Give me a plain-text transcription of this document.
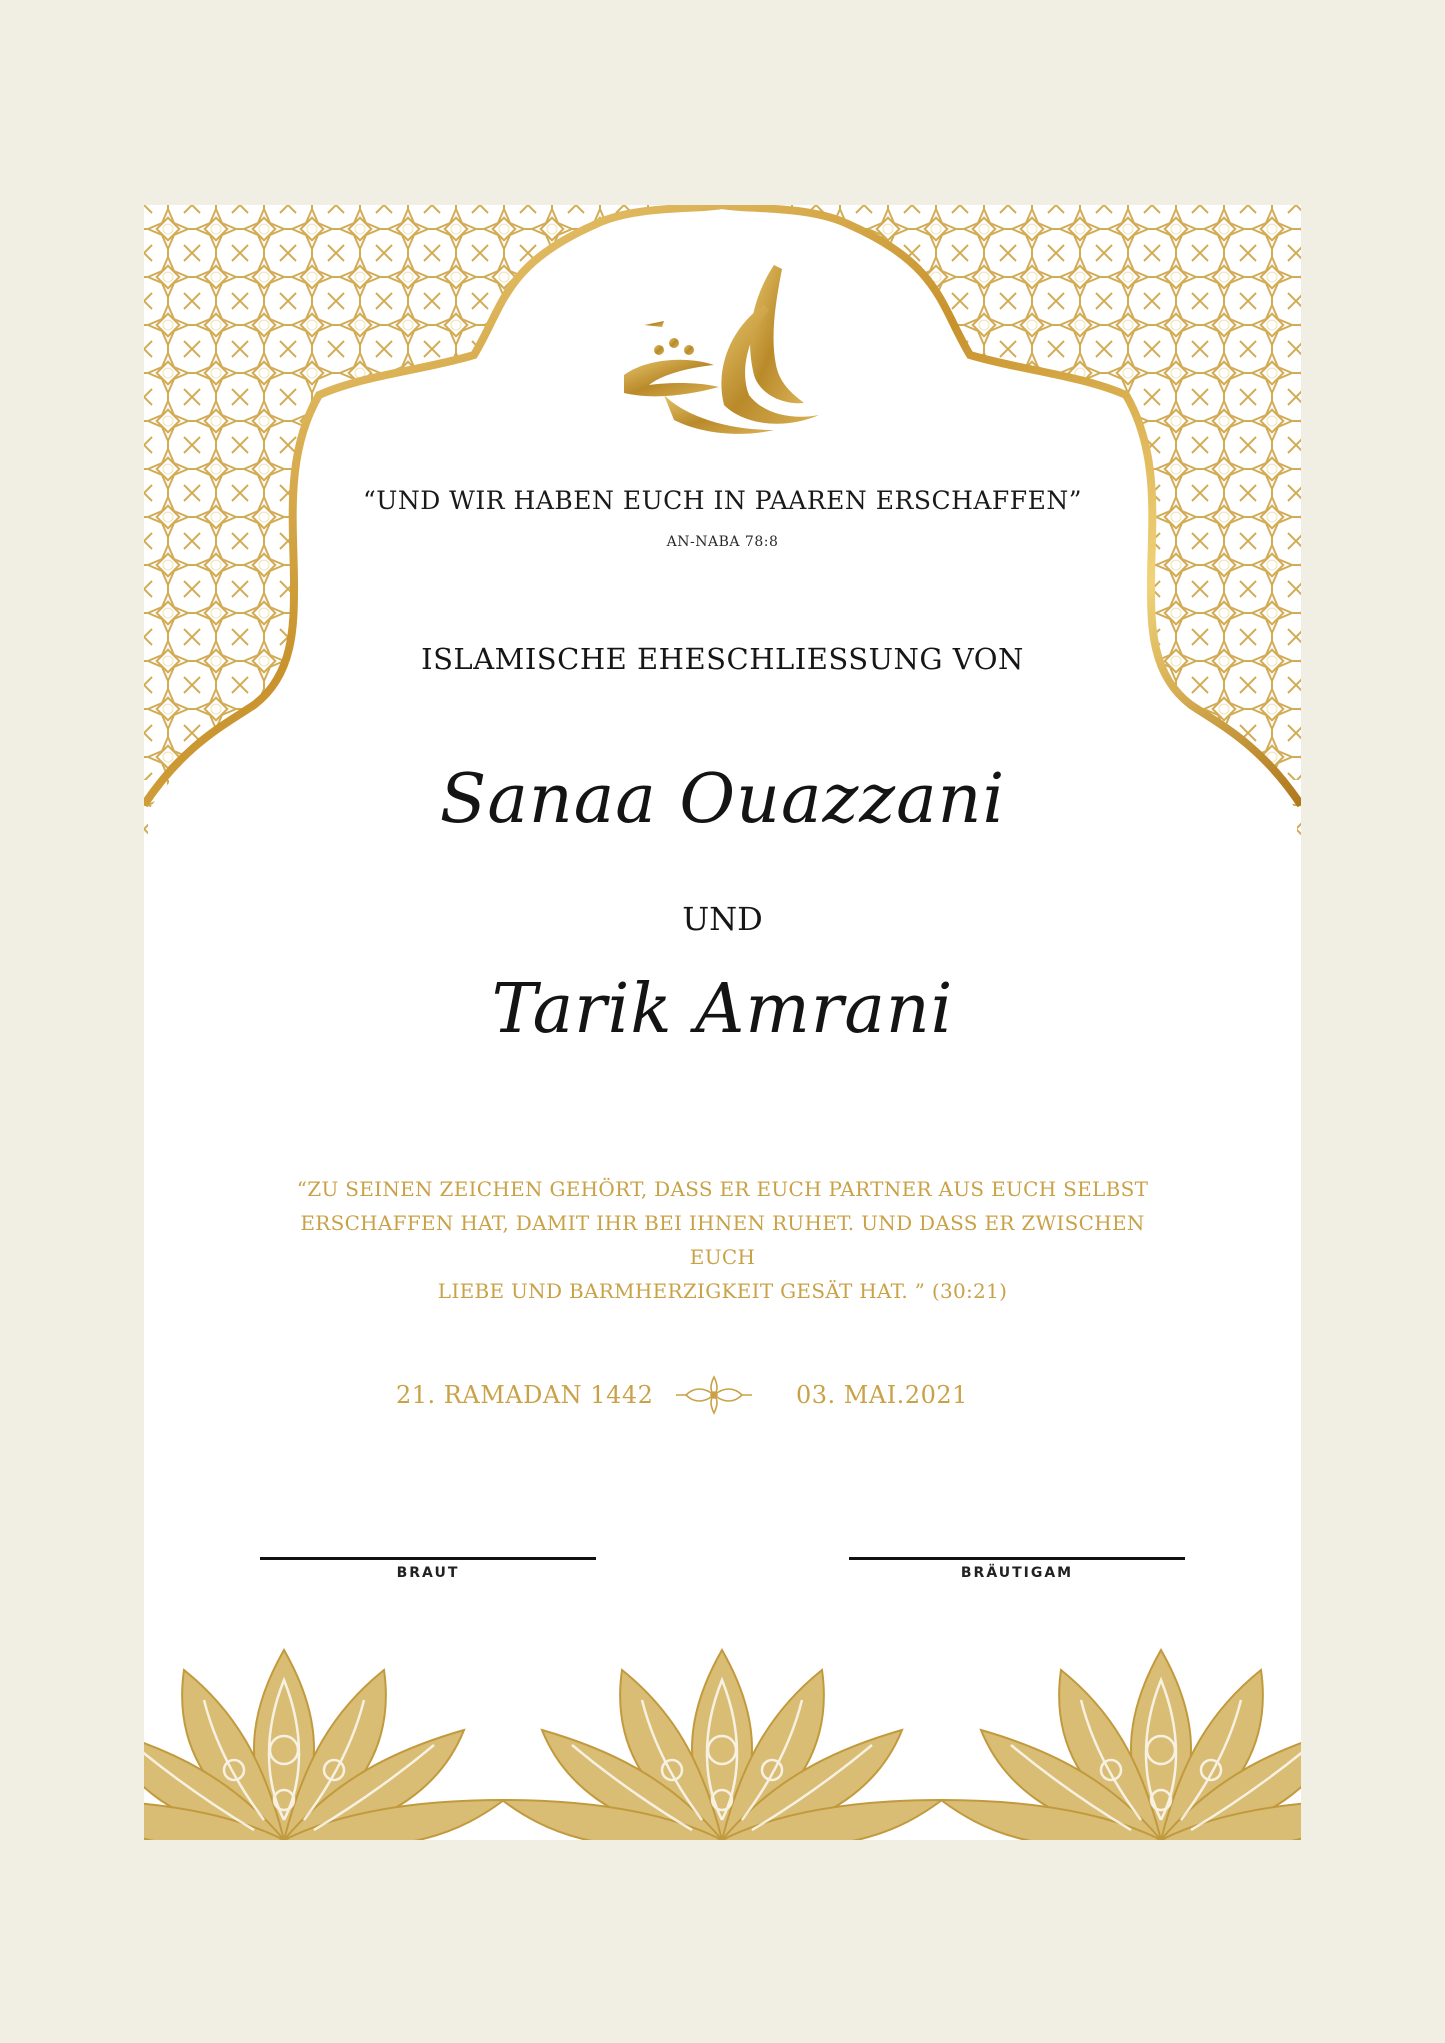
“UND WIR HABEN EUCH IN PAAREN ERSCHAFFEN”
AN-NABA 78:8
ISLAMISCHE EHESCHLIESSUNG VON
Sanaa Ouazzani
UND
Tarik Amrani
“ZU SEINEN ZEICHEN GEHÖRT, DASS ER EUCH PARTNER AUS EUCH SELBST
ERSCHAFFEN HAT, DAMIT IHR BEI IHNEN RUHET. UND DASS ER ZWISCHEN EUCH
LIEBE UND BARMHERZIGKEIT GESÄT HAT. ” (30:21)
21. RAMADAN 1442	03. MAI.2021
BRAUT	BRÄUTIGAM
